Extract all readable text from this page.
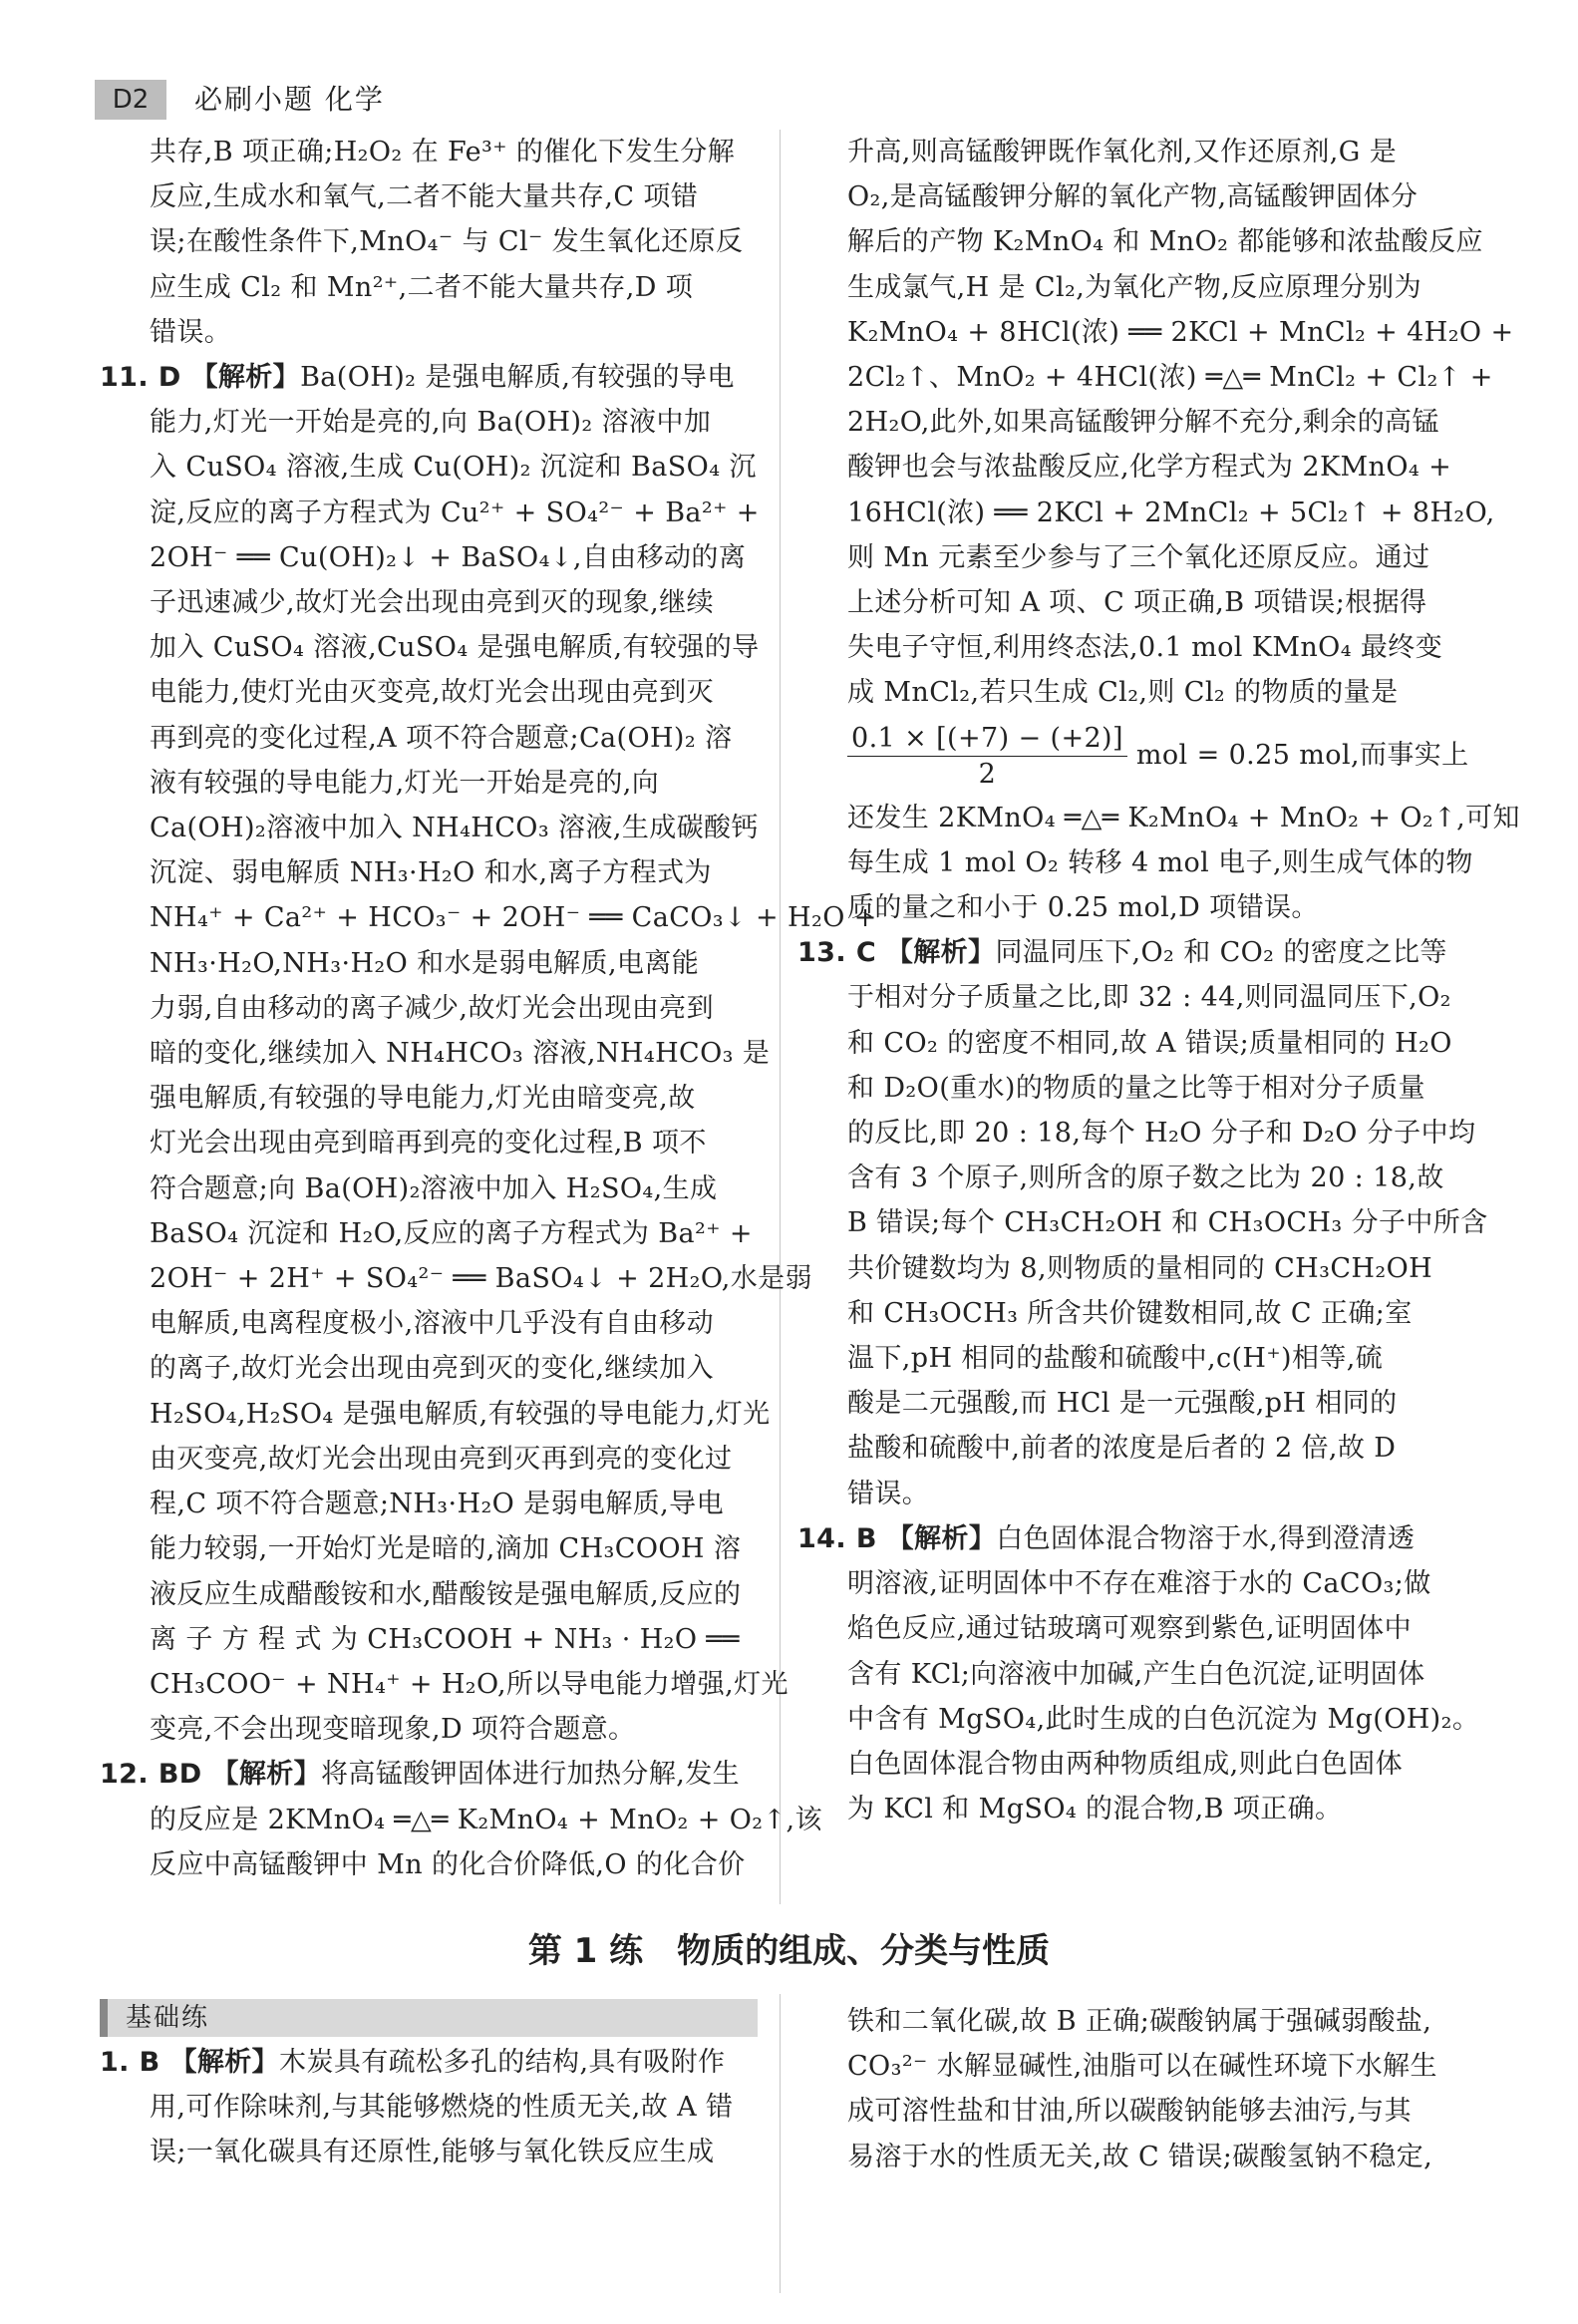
D2	必刷小题 化学

共存,B 项正确;H₂O₂ 在 Fe³⁺ 的催化下发生分解

反应,生成水和氧气,二者不能大量共存,C 项错

误;在酸性条件下,MnO₄⁻ 与 Cl⁻ 发生氧化还原反

应生成 Cl₂ 和 Mn²⁺,二者不能大量共存,D 项

错误。

11. D 【解析】Ba(OH)₂ 是强电解质,有较强的导电

能力,灯光一开始是亮的,向 Ba(OH)₂ 溶液中加

入 CuSO₄ 溶液,生成 Cu(OH)₂ 沉淀和 BaSO₄ 沉

淀,反应的离子方程式为 Cu²⁺ + SO₄²⁻ + Ba²⁺ +

2OH⁻ ══ Cu(OH)₂↓ + BaSO₄↓,自由移动的离

子迅速减少,故灯光会出现由亮到灭的现象,继续

加入 CuSO₄ 溶液,CuSO₄ 是强电解质,有较强的导

电能力,使灯光由灭变亮,故灯光会出现由亮到灭

再到亮的变化过程,A 项不符合题意;Ca(OH)₂ 溶

液有较强的导电能力,灯光一开始是亮的,向

Ca(OH)₂溶液中加入 NH₄HCO₃ 溶液,生成碳酸钙

沉淀、弱电解质 NH₃·H₂O 和水,离子方程式为

NH₄⁺ + Ca²⁺ + HCO₃⁻ + 2OH⁻ ══ CaCO₃↓ + H₂O +

NH₃·H₂O,NH₃·H₂O 和水是弱电解质,电离能

力弱,自由移动的离子减少,故灯光会出现由亮到

暗的变化,继续加入 NH₄HCO₃ 溶液,NH₄HCO₃ 是

强电解质,有较强的导电能力,灯光由暗变亮,故

灯光会出现由亮到暗再到亮的变化过程,B 项不

符合题意;向 Ba(OH)₂溶液中加入 H₂SO₄,生成

BaSO₄ 沉淀和 H₂O,反应的离子方程式为 Ba²⁺ +

2OH⁻ + 2H⁺ + SO₄²⁻ ══ BaSO₄↓ + 2H₂O,水是弱

电解质,电离程度极小,溶液中几乎没有自由移动

的离子,故灯光会出现由亮到灭的变化,继续加入

H₂SO₄,H₂SO₄ 是强电解质,有较强的导电能力,灯光

由灭变亮,故灯光会出现由亮到灭再到亮的变化过

程,C 项不符合题意;NH₃·H₂O 是弱电解质,导电

能力较弱,一开始灯光是暗的,滴加 CH₃COOH 溶

液反应生成醋酸铵和水,醋酸铵是强电解质,反应的

离 子 方 程 式 为 CH₃COOH + NH₃ · H₂O ══

CH₃COO⁻ + NH₄⁺ + H₂O,所以导电能力增强,灯光

变亮,不会出现变暗现象,D 项符合题意。

12. BD 【解析】将高锰酸钾固体进行加热分解,发生

的反应是 2KMnO₄ ═△═ K₂MnO₄ + MnO₂ + O₂↑,该

反应中高锰酸钾中 Mn 的化合价降低,O 的化合价

升高,则高锰酸钾既作氧化剂,又作还原剂,G 是

O₂,是高锰酸钾分解的氧化产物,高锰酸钾固体分

解后的产物 K₂MnO₄ 和 MnO₂ 都能够和浓盐酸反应

生成氯气,H 是 Cl₂,为氧化产物,反应原理分别为

K₂MnO₄ + 8HCl(浓) ══ 2KCl + MnCl₂ + 4H₂O +

2Cl₂↑、MnO₂ + 4HCl(浓) ═△═ MnCl₂ + Cl₂↑ +

2H₂O,此外,如果高锰酸钾分解不充分,剩余的高锰

酸钾也会与浓盐酸反应,化学方程式为 2KMnO₄ +

16HCl(浓) ══ 2KCl + 2MnCl₂ + 5Cl₂↑ + 8H₂O,

则 Mn 元素至少参与了三个氧化还原反应。通过

上述分析可知 A 项、C 项正确,B 项错误;根据得

失电子守恒,利用终态法,0.1 mol KMnO₄ 最终变

成 MnCl₂,若只生成 Cl₂,则 Cl₂ 的物质的量是

$\frac{0.1 \times [(+7) - (+2)]}{2}$ mol = 0.25 mol,而事实上

还发生 2KMnO₄ ═△═ K₂MnO₄ + MnO₂ + O₂↑,可知

每生成 1 mol O₂ 转移 4 mol 电子,则生成气体的物

质的量之和小于 0.25 mol,D 项错误。

13. C 【解析】同温同压下,O₂ 和 CO₂ 的密度之比等

于相对分子质量之比,即 32 : 44,则同温同压下,O₂

和 CO₂ 的密度不相同,故 A 错误;质量相同的 H₂O

和 D₂O(重水)的物质的量之比等于相对分子质量

的反比,即 20 : 18,每个 H₂O 分子和 D₂O 分子中均

含有 3 个原子,则所含的原子数之比为 20 : 18,故

B 错误;每个 CH₃CH₂OH 和 CH₃OCH₃ 分子中所含

共价键数均为 8,则物质的量相同的 CH₃CH₂OH

和 CH₃OCH₃ 所含共价键数相同,故 C 正确;室

温下,pH 相同的盐酸和硫酸中,c(H⁺)相等,硫

酸是二元强酸,而 HCl 是一元强酸,pH 相同的

盐酸和硫酸中,前者的浓度是后者的 2 倍,故 D

错误。

14. B 【解析】白色固体混合物溶于水,得到澄清透

明溶液,证明固体中不存在难溶于水的 CaCO₃;做

焰色反应,通过钴玻璃可观察到紫色,证明固体中

含有 KCl;向溶液中加碱,产生白色沉淀,证明固体

中含有 MgSO₄,此时生成的白色沉淀为 Mg(OH)₂。

白色固体混合物由两种物质组成,则此白色固体

为 KCl 和 MgSO₄ 的混合物,B 项正确。

第 1 练　物质的组成、分类与性质
基础练

1. B 【解析】木炭具有疏松多孔的结构,具有吸附作

用,可作除味剂,与其能够燃烧的性质无关,故 A 错

误;一氧化碳具有还原性,能够与氧化铁反应生成

铁和二氧化碳,故 B 正确;碳酸钠属于强碱弱酸盐,

CO₃²⁻ 水解显碱性,油脂可以在碱性环境下水解生

成可溶性盐和甘油,所以碳酸钠能够去油污,与其

易溶于水的性质无关,故 C 错误;碳酸氢钠不稳定,
